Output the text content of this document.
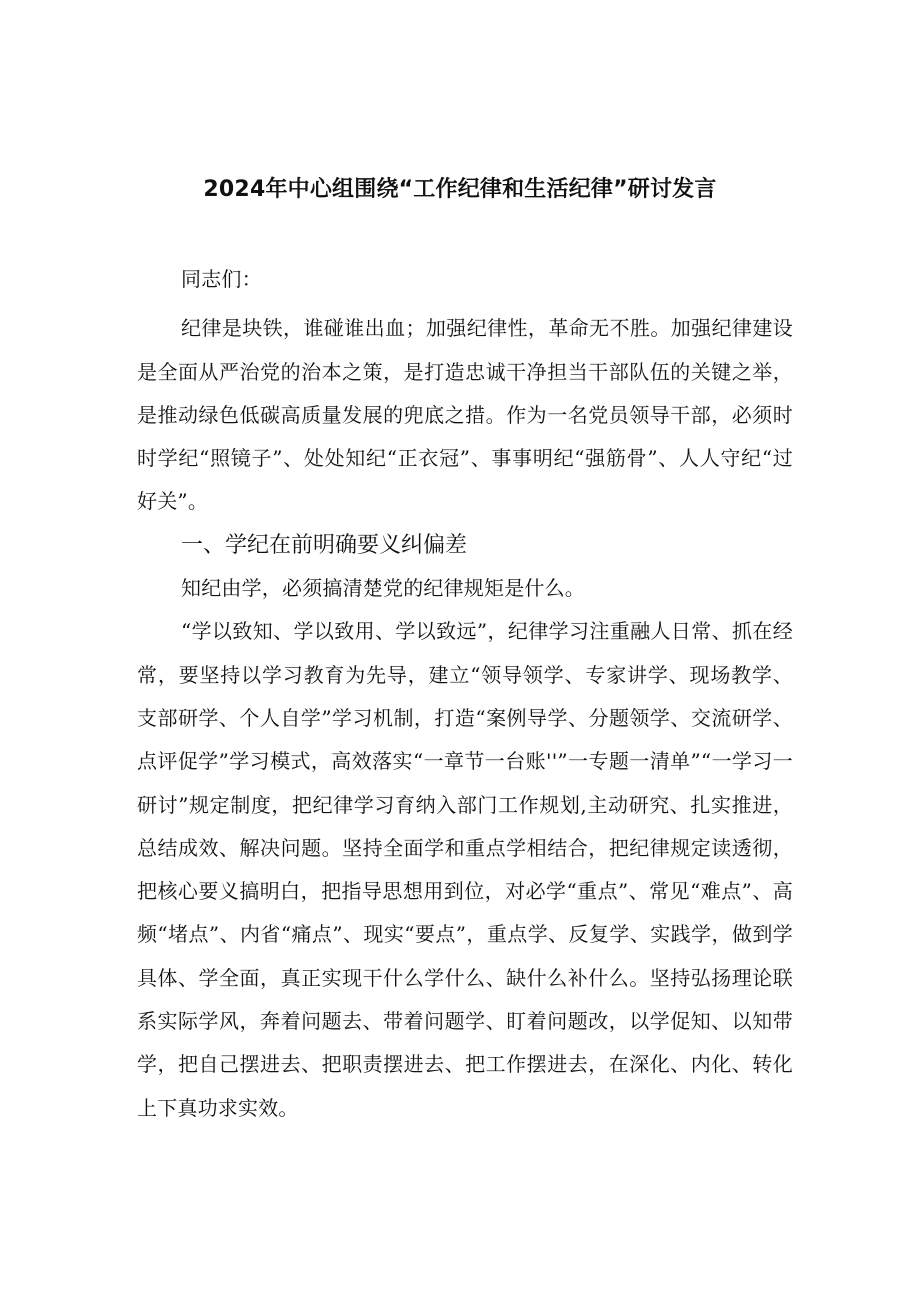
2024年中心组围绕“工作纪律和生活纪律”研讨发言

同志们：

纪律是块铁，谁碰谁出血；加强纪律性，革命无不胜。加强纪律建设是全面从严治党的治本之策，是打造忠诚干净担当干部队伍的关键之举，是推动绿色低碳高质量发展的兜底之措。作为一名党员领导干部，必须时时学纪“照镜子”、处处知纪“正衣冠”、事事明纪“强筋骨”、人人守纪“过好关”。

一、学纪在前明确要义纠偏差

知纪由学，必须搞清楚党的纪律规矩是什么。

“学以致知、学以致用、学以致远”，纪律学习注重融人日常、抓在经常，要坚持以学习教育为先导，建立“领导领学、专家讲学、现场教学、支部研学、个人自学”学习机制，打造“案例导学、分题领学、交流研学、点评促学”学习模式，高效落实“一章节一台账''”一专题一清单”“一学习一研讨”规定制度，把纪律学习育纳入部门工作规划,主动研究、扎实推进，总结成效、解决问题。坚持全面学和重点学相结合，把纪律规定读透彻，把核心要义搞明白，把指导思想用到位，对必学“重点”、常见“难点”、高频“堵点”、内省“痛点”、现实“要点”，重点学、反复学、实践学，做到学具体、学全面，真正实现干什么学什么、缺什么补什么。坚持弘扬理论联系实际学风，奔着问题去、带着问题学、盯着问题改，以学促知、以知带学，把自己摆进去、把职责摆进去、把工作摆进去，在深化、内化、转化上下真功求实效。
